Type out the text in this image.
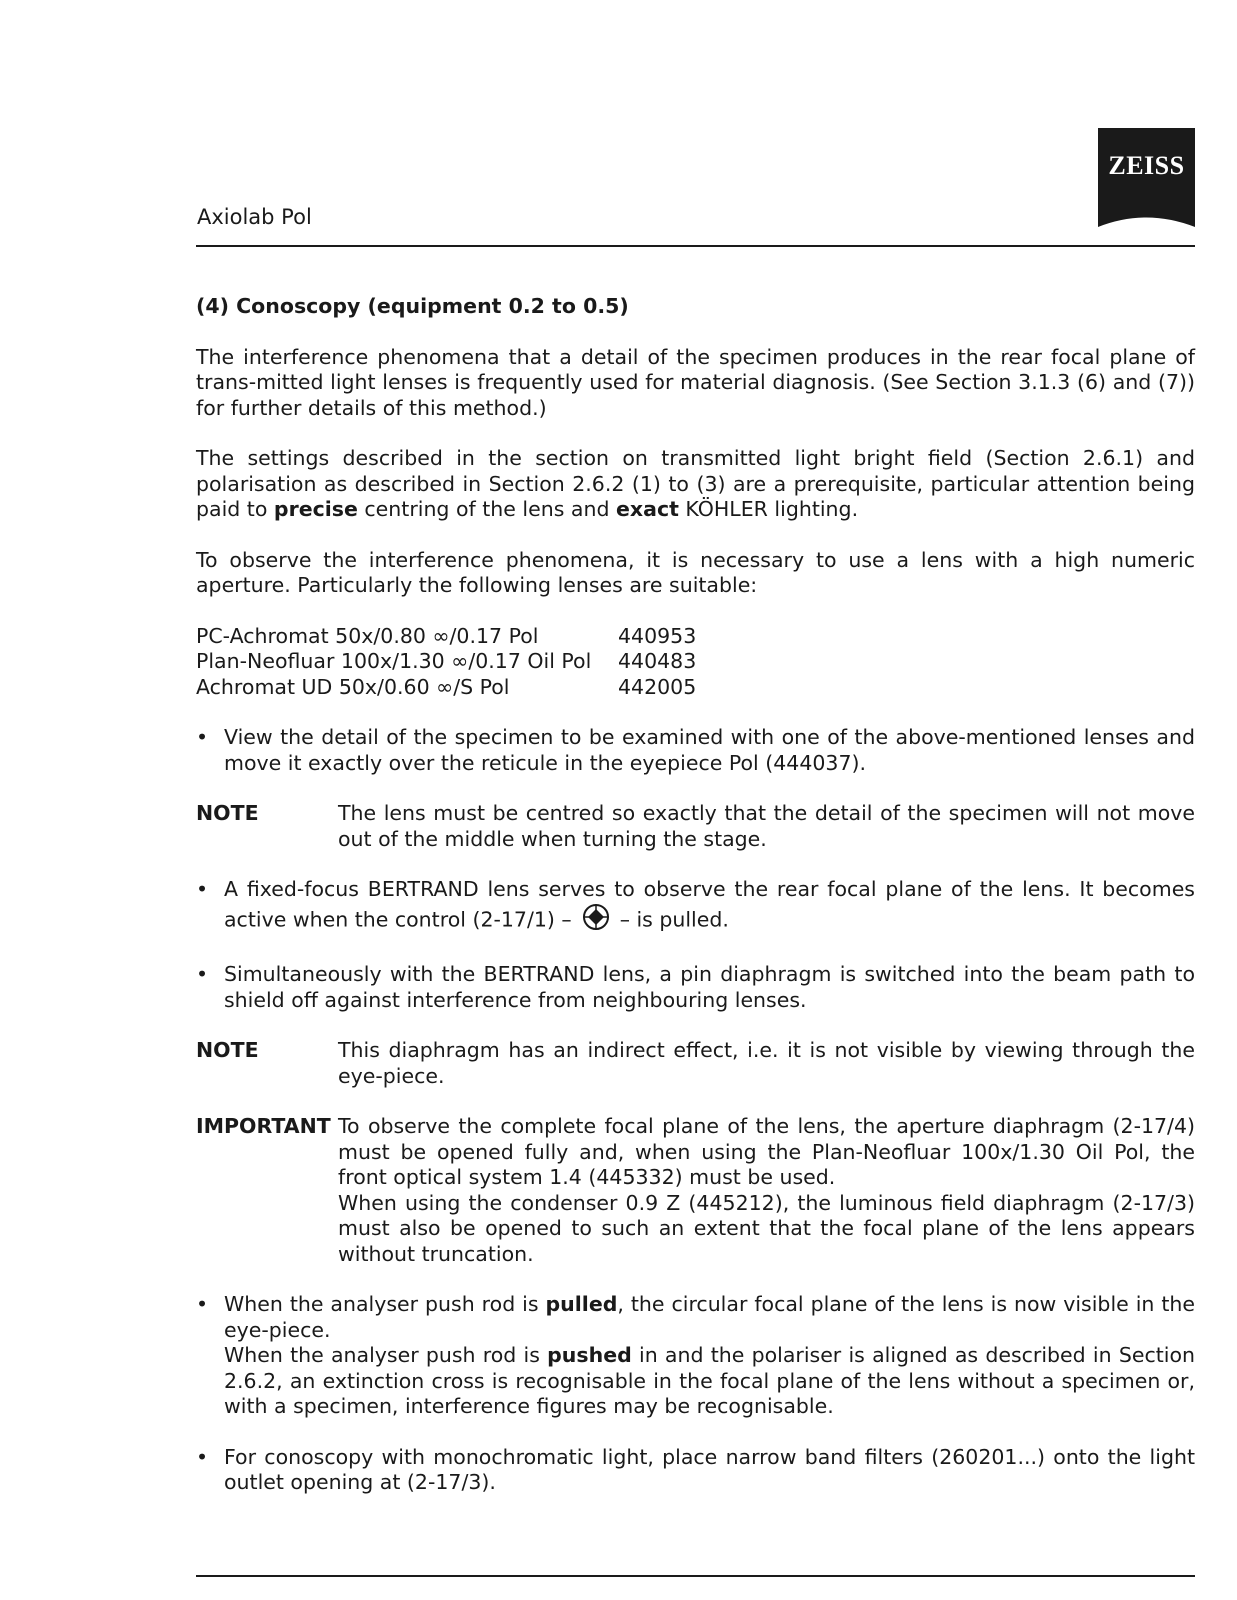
Axiolab Pol
ZEISS
(4) Conoscopy (equipment 0.2 to 0.5)

The interference phenomena that a detail of the specimen produces in the rear focal plane of trans-mitted light lenses is frequently used for material diagnosis. (See Section 3.1.3 (6) and (7)) for further details of this method.)

The settings described in the section on transmitted light bright field (Section 2.6.1) and polarisation as described in Section 2.6.2 (1) to (3) are a prerequisite, particular attention being paid to precise centring of the lens and exact KÖHLER lighting.

To observe the interference phenomena, it is necessary to use a lens with a high numeric aperture. Particularly the following lenses are suitable:

PC-Achromat 50x/0.80 ∞/0.17 Pol	440953
Plan-Neofluar 100x/1.30 ∞/0.17 Oil Pol	440483
Achromat UD 50x/0.60 ∞/S Pol	442005
• View the detail of the specimen to be examined with one of the above-mentioned lenses and move it exactly over the reticule in the eyepiece Pol (444037).
NOTE	The lens must be centred so exactly that the detail of the specimen will not move out of the middle when turning the stage.
• A fixed-focus BERTRAND lens serves to observe the rear focal plane of the lens. It becomes active when the control (2-17/1) – – is pulled.
• Simultaneously with the BERTRAND lens, a pin diaphragm is switched into the beam path to shield off against interference from neighbouring lenses.
NOTE	This diaphragm has an indirect effect, i.e. it is not visible by viewing through the eye-piece.
IMPORTANT To observe the complete focal plane of the lens, the aperture diaphragm (2-17/4) must be opened fully and, when using the Plan-Neofluar 100x/1.30 Oil Pol, the front optical system 1.4 (445332) must be used.
When using the condenser 0.9 Z (445212), the luminous field diaphragm (2-17/3) must also be opened to such an extent that the focal plane of the lens appears without truncation.
• When the analyser push rod is pulled, the circular focal plane of the lens is now visible in the eye-piece.
When the analyser push rod is pushed in and the polariser is aligned as described in Section 2.6.2, an extinction cross is recognisable in the focal plane of the lens without a specimen or, with a specimen, interference figures may be recognisable.
• For conoscopy with monochromatic light, place narrow band filters (260201...) onto the light outlet opening at (2-17/3).
